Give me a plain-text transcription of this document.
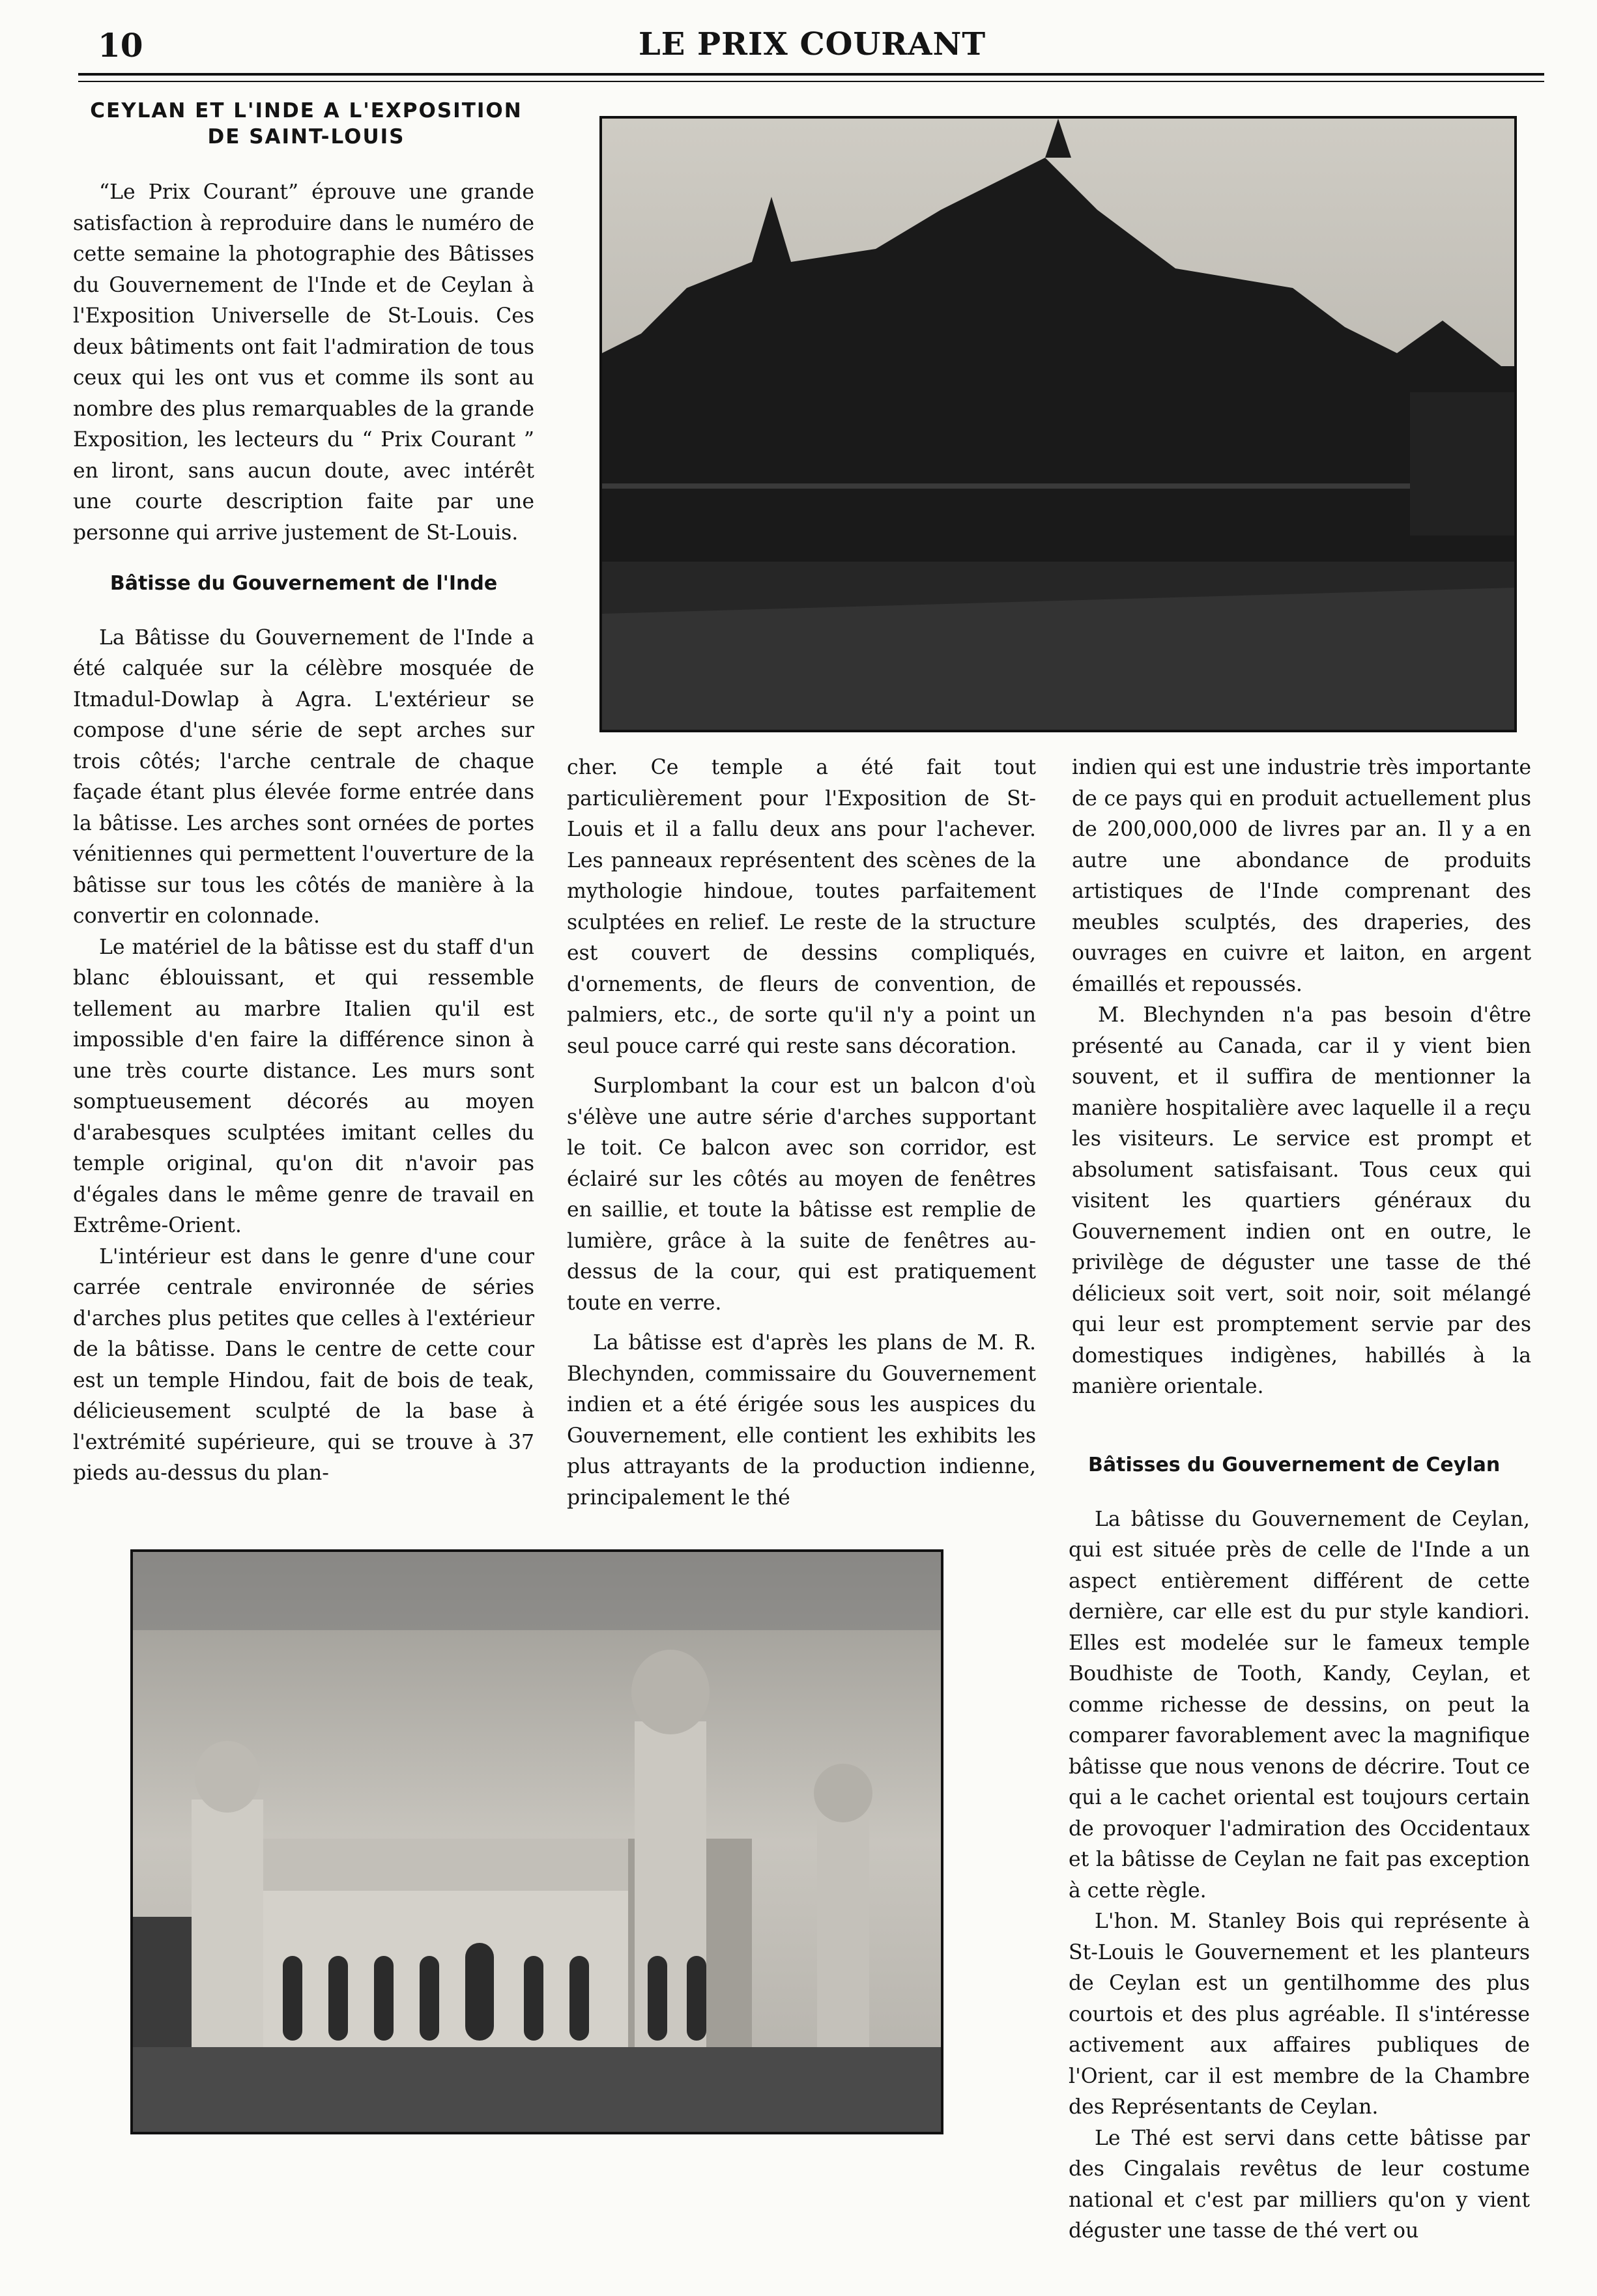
10	LE PRIX COURANT
CEYLAN ET L'INDE A L'EXPOSITION
DE SAINT-LOUIS

“Le Prix Courant” éprouve une grande satisfaction à reproduire dans le numéro de cette semaine la photographie des Bâtisses du Gouvernement de l'Inde et de Ceylan à l'Exposition Universelle de St-Louis. Ces deux bâtiments ont fait l'admiration de tous ceux qui les ont vus et comme ils sont au nombre des plus remarquables de la grande Exposition, les lecteurs du “ Prix Courant ” en liront, sans aucun doute, avec intérêt une courte description faite par une personne qui arrive justement de St-Louis.

Bâtisse du Gouvernement de l'Inde

La Bâtisse du Gouvernement de l'Inde a été calquée sur la célèbre mosquée de Itmadul-Dowlap à Agra. L'extérieur se compose d'une série de sept arches sur trois côtés; l'arche centrale de chaque façade étant plus élevée forme entrée dans la bâtisse. Les arches sont ornées de portes vénitiennes qui permettent l'ouverture de la bâtisse sur tous les côtés de manière à la convertir en colonnade.

Le matériel de la bâtisse est du staff d'un blanc éblouissant, et qui ressemble tellement au marbre Italien qu'il est impossible d'en faire la différence sinon à une très courte distance. Les murs sont somptueusement décorés au moyen d'arabesques sculptées imitant celles du temple original, qu'on dit n'avoir pas d'égales dans le même genre de travail en Extrême-Orient.

L'intérieur est dans le genre d'une cour carrée centrale environnée de séries d'arches plus petites que celles à l'extérieur de la bâtisse. Dans le centre de cette cour est un temple Hindou, fait de bois de teak, délicieusement sculpté de la base à l'extrémité supérieure, qui se trouve à 37 pieds au-dessus du plan-

cher. Ce temple a été fait tout particulièrement pour l'Exposition de St-Louis et il a fallu deux ans pour l'achever. Les panneaux représentent des scènes de la mythologie hindoue, toutes parfaitement sculptées en relief. Le reste de la structure est couvert de dessins compliqués, d'ornements, de fleurs de convention, de palmiers, etc., de sorte qu'il n'y a point un seul pouce carré qui reste sans décoration.

Surplombant la cour est un balcon d'où s'élève une autre série d'arches supportant le toit. Ce balcon avec son corridor, est éclairé sur les côtés au moyen de fenêtres en saillie, et toute la bâtisse est remplie de lumière, grâce à la suite de fenêtres au-dessus de la cour, qui est pratiquement toute en verre.

La bâtisse est d'après les plans de M. R. Blechynden, commissaire du Gouvernement indien et a été érigée sous les auspices du Gouvernement, elle contient les exhibits les plus attrayants de la production indienne, principalement le thé

indien qui est une industrie très importante de ce pays qui en produit actuellement plus de 200,000,000 de livres par an. Il y a en autre une abondance de produits artistiques de l'Inde comprenant des meubles sculptés, des draperies, des ouvrages en cuivre et laiton, en argent émaillés et repoussés.

M. Blechynden n'a pas besoin d'être présenté au Canada, car il y vient bien souvent, et il suffira de mentionner la manière hospitalière avec laquelle il a reçu les visiteurs. Le service est prompt et absolument satisfaisant. Tous ceux qui visitent les quartiers généraux du Gouvernement indien ont en outre, le privilège de déguster une tasse de thé délicieux soit vert, soit noir, soit mélangé qui leur est promptement servie par des domestiques indigènes, habillés à la manière orientale.

Bâtisses du Gouvernement de Ceylan

La bâtisse du Gouvernement de Ceylan, qui est située près de celle de l'Inde a un aspect entièrement différent de cette dernière, car elle est du pur style kandiori. Elles est modelée sur le fameux temple Boudhiste de Tooth, Kandy, Ceylan, et comme richesse de dessins, on peut la comparer favorablement avec la magnifique bâtisse que nous venons de décrire. Tout ce qui a le cachet oriental est toujours certain de provoquer l'admiration des Occidentaux et la bâtisse de Ceylan ne fait pas exception à cette règle.

L'hon. M. Stanley Bois qui représente à St-Louis le Gouvernement et les planteurs de Ceylan est un gentilhomme des plus courtois et des plus agréable. Il s'intéresse activement aux affaires publiques de l'Orient, car il est membre de la Chambre des Représentants de Ceylan.

Le Thé est servi dans cette bâtisse par des Cingalais revêtus de leur costume national et c'est par milliers qu'on y vient déguster une tasse de thé vert ou
